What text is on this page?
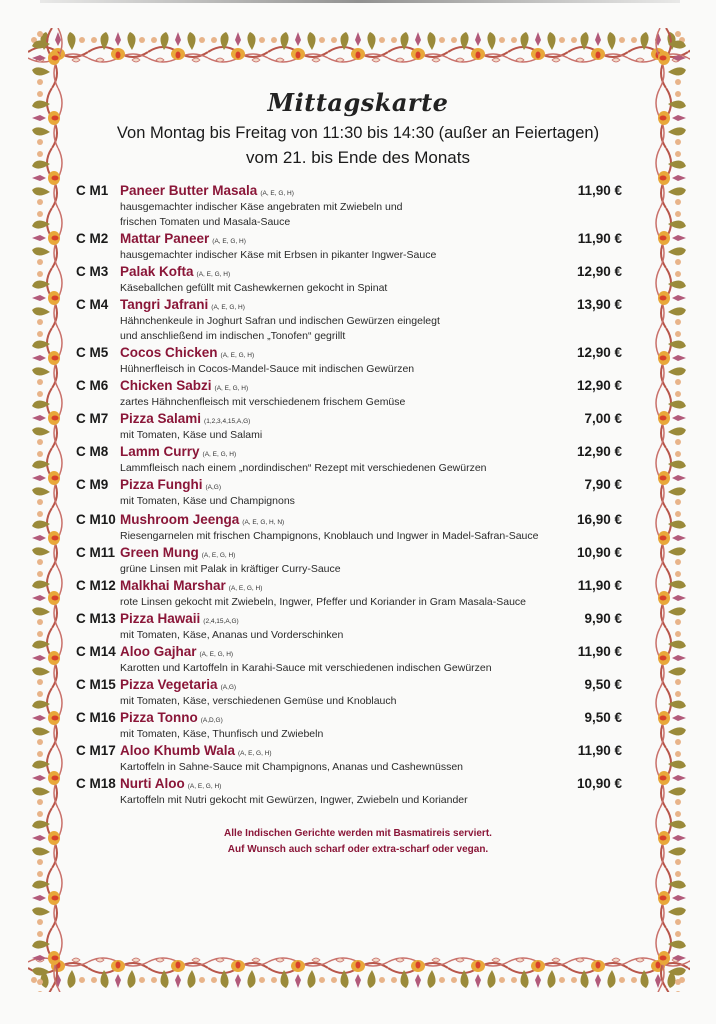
Mittagskarte
Von Montag bis Freitag von 11:30 bis 14:30 (außer an Feiertagen)
vom 21. bis Ende des Monats
C M1 Paneer Butter Masala (A, E, G, H)	11,90 €
hausgemachter indischer Käse angebraten mit Zwiebeln und
frischen Tomaten und Masala-Sauce
C M2 Mattar Paneer (A, E, G, H)	11,90 €
hausgemachter indischer Käse mit Erbsen in pikanter Ingwer-Sauce
C M3 Palak Kofta (A, E, G, H)	12,90 €
Käseballchen gefüllt mit Cashewkernen gekocht in Spinat
C M4 Tangri Jafrani (A, E, G, H)	13,90 €
Hähnchenkeule in Joghurt Safran und indischen Gewürzen eingelegt
und anschließend im indischen „Tonofen“ gegrillt
C M5 Cocos Chicken (A, E, G, H)	12,90 €
Hühnerfleisch in Cocos-Mandel-Sauce mit indischen Gewürzen
C M6 Chicken Sabzi (A, E, G, H)	12,90 €
zartes Hähnchenfleisch mit verschiedenem frischem Gemüse
C M7 Pizza Salami (1,2,3,4,15,A,G)	7,00 €
mit Tomaten, Käse und Salami
C M8 Lamm Curry (A, E, G, H)	12,90 €
Lammfleisch nach einem „nordindischen“ Rezept mit verschiedenen Gewürzen
C M9 Pizza Funghi (A,G)	7,90 €
mit Tomaten, Käse und Champignons
C M10 Mushroom Jeenga (A, E, G, H, N)	16,90 €
Riesengarnelen mit frischen Champignons, Knoblauch und Ingwer in Madel-Safran-Sauce
C M11 Green Mung (A, E, G, H)	10,90 €
grüne Linsen mit Palak in kräftiger Curry-Sauce
C M12 Malkhai Marshar (A, E, G, H)	11,90 €
rote Linsen gekocht mit Zwiebeln, Ingwer, Pfeffer und Koriander in Gram Masala-Sauce
C M13 Pizza Hawaii (2,4,15,A,G)	9,90 €
mit Tomaten, Käse, Ananas und Vorderschinken
C M14 Aloo Gajhar (A, E, G, H)	11,90 €
Karotten und Kartoffeln in Karahi-Sauce mit verschiedenen indischen Gewürzen
C M15 Pizza Vegetaria (A,G)	9,50 €
mit Tomaten, Käse, verschiedenen Gemüse und Knoblauch
C M16 Pizza Tonno (A,D,G)	9,50 €
mit Tomaten, Käse, Thunfisch und Zwiebeln
C M17 Aloo Khumb Wala (A, E, G, H)	11,90 €
Kartoffeln in Sahne-Sauce mit Champignons, Ananas und Cashewnüssen
C M18 Nurti Aloo (A, E, G, H)	10,90 €
Kartoffeln mit Nutri gekocht mit Gewürzen, Ingwer, Zwiebeln und Koriander
Alle Indischen Gerichte werden mit Basmatireis serviert.
Auf Wunsch auch scharf oder extra-scharf oder vegan.
